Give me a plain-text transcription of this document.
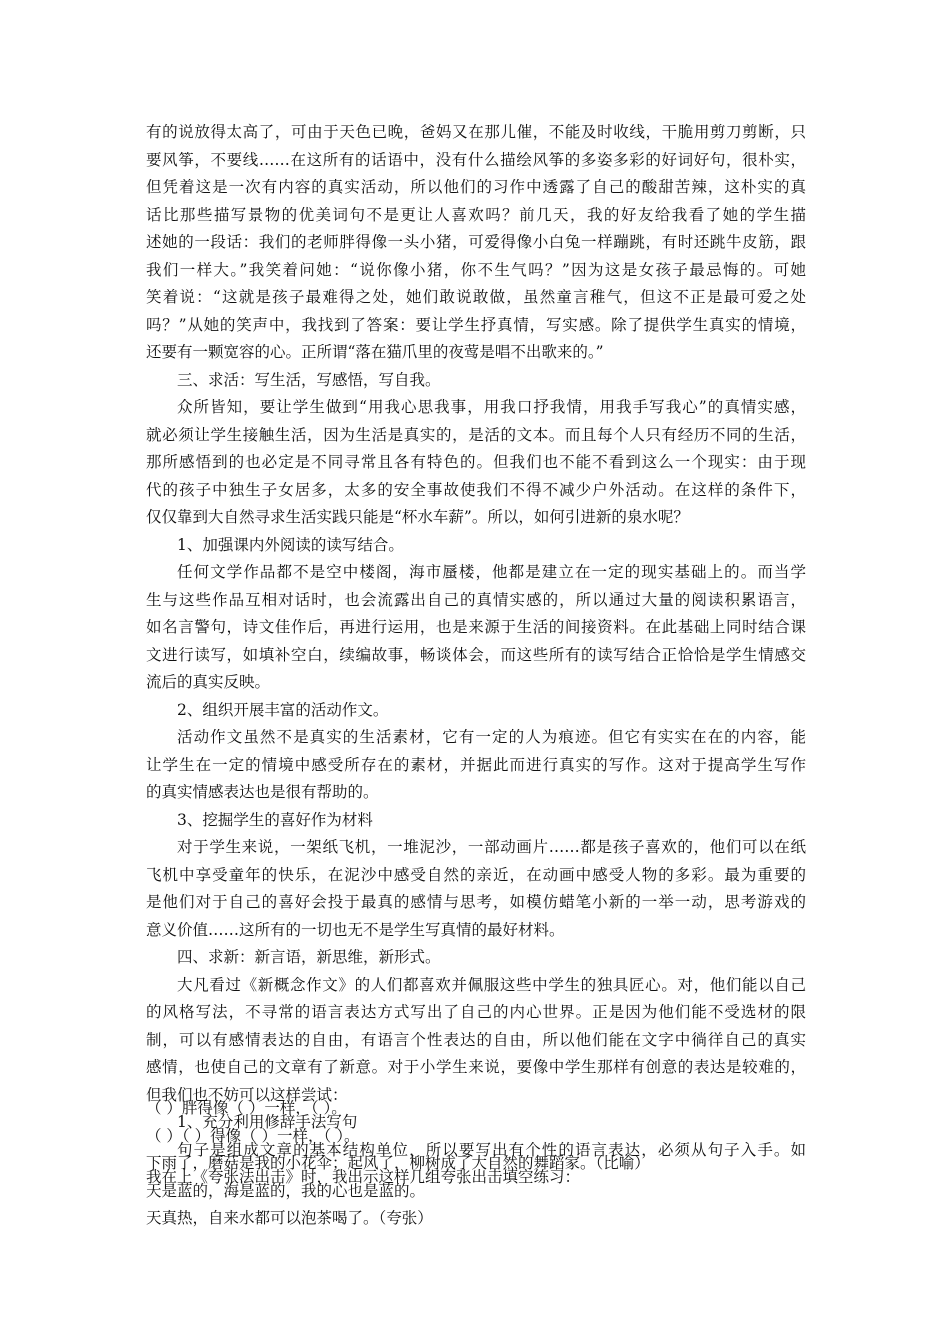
有的说放得太高了，可由于天色已晚，爸妈又在那儿催，不能及时收线，干脆用剪刀剪断，只
要风筝，不要线……在这所有的话语中，没有什么描绘风筝的多姿多彩的好词好句，很朴实，
但凭着这是一次有内容的真实活动，所以他们的习作中透露了自己的酸甜苦辣，这朴实的真
话比那些描写景物的优美词句不是更让人喜欢吗？前几天，我的好友给我看了她的学生描
述她的一段话：我们的老师胖得像一头小猪，可爱得像小白兔一样蹦跳，有时还跳牛皮筋，跟
我们一样大。”我笑着问她：“说你像小猪，你不生气吗？”因为这是女孩子最忌悔的。可她
笑着说：“这就是孩子最难得之处，她们敢说敢做，虽然童言稚气，但这不正是最可爱之处
吗？”从她的笑声中，我找到了答案：要让学生抒真情，写实感。除了提供学生真实的情境，
还要有一颗宽容的心。正所谓“落在猫爪里的夜莺是唱不出歌来的。”
三、求活：写生活，写感悟，写自我。
众所皆知，要让学生做到“用我心思我事，用我口抒我情，用我手写我心”的真情实感，
就必须让学生接触生活，因为生活是真实的，是活的文本。而且每个人只有经历不同的生活，
那所感悟到的也必定是不同寻常且各有特色的。但我们也不能不看到这么一个现实：由于现
代的孩子中独生子女居多，太多的安全事故使我们不得不减少户外活动。在这样的条件下，
仅仅靠到大自然寻求生活实践只能是“杯水车薪”。所以，如何引进新的泉水呢？
1、加强课内外阅读的读写结合。
任何文学作品都不是空中楼阁，海市蜃楼，他都是建立在一定的现实基础上的。而当学
生与这些作品互相对话时，也会流露出自己的真情实感的，所以通过大量的阅读积累语言，
如名言警句，诗文佳作后，再进行运用，也是来源于生活的间接资料。在此基础上同时结合课
文进行读写，如填补空白，续编故事，畅谈体会，而这些所有的读写结合正恰恰是学生情感交
流后的真实反映。
2、组织开展丰富的活动作文。
活动作文虽然不是真实的生活素材，它有一定的人为痕迹。但它有实实在在的内容，能
让学生在一定的情境中感受所存在的素材，并据此而进行真实的写作。这对于提高学生写作
的真实情感表达也是很有帮助的。
3、挖掘学生的喜好作为材料
对于学生来说，一架纸飞机，一堆泥沙，一部动画片……都是孩子喜欢的，他们可以在纸
飞机中享受童年的快乐，在泥沙中感受自然的亲近，在动画中感受人物的多彩。最为重要的
是他们对于自己的喜好会投于最真的感情与思考，如模仿蜡笔小新的一举一动，思考游戏的
意义价值……这所有的一切也无不是学生写真情的最好材料。
四、求新：新言语，新思维，新形式。
大凡看过《新概念作文》的人们都喜欢并佩服这些中学生的独具匠心。对，他们能以自己
的风格写法，不寻常的语言表达方式写出了自己的内心世界。正是因为他们能不受选材的限
制，可以有感情表达的自由，有语言个性表达的自由，所以他们能在文字中徜徉自己的真实
感情，也使自己的文章有了新意。对于小学生来说，要像中学生那样有创意的表达是较难的，
但我们也不妨可以这样尝试：
1、充分利用修辞手法写句
句子是组成文章的基本结构单位，所以要写出有个性的语言表达，必须从句子入手。如
我在上《夸张法出击》时，我出示这样几组夸张出击填空练习：
（ ）胖得像（ ）一样，（ ）。
（ ）（ ）得像（ ）一样，（ ）。
下雨了，磨菇是我的小花伞；起风了，柳树成了大自然的舞蹈家。（比喻）
天是蓝的，海是蓝的，我的心也是蓝的。
天真热，自来水都可以泡茶喝了。（夸张）
